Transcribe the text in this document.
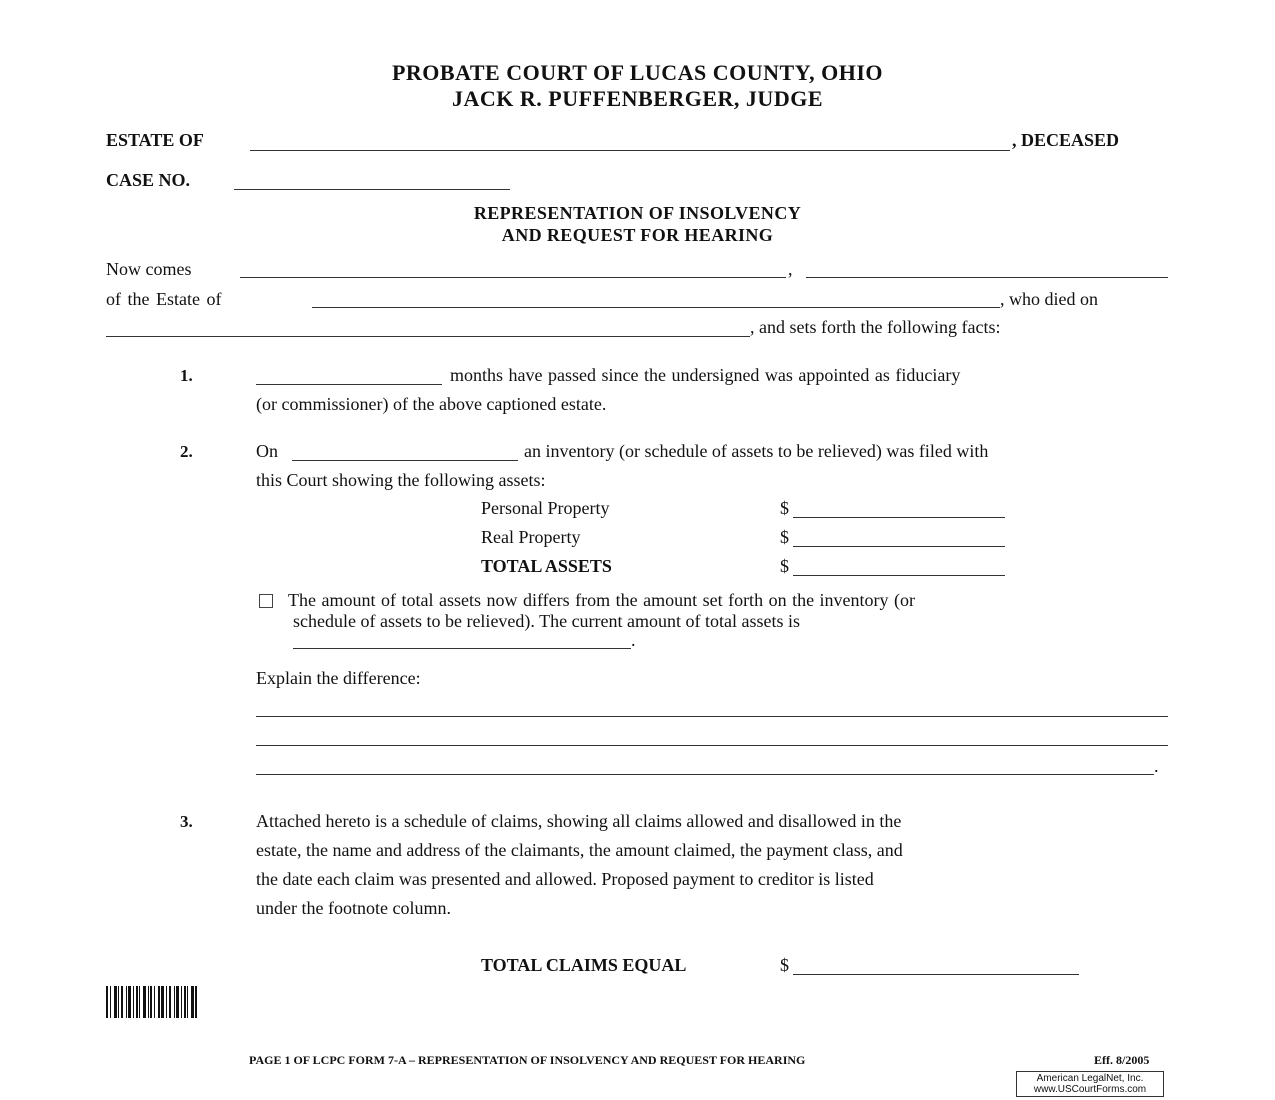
PROBATE COURT OF LUCAS COUNTY, OHIO
JACK R. PUFFENBERGER, JUDGE
ESTATE OF	, DECEASED
CASE NO.
REPRESENTATION OF INSOLVENCY
AND REQUEST FOR HEARING
Now comes	,
of the Estate of	, who died on
, and sets forth the following facts:
1.	months have passed since the undersigned was appointed as fiduciary
(or commissioner) of the above captioned estate.
2.	On	an inventory (or schedule of assets to be relieved) was filed with
this Court showing the following assets:
Personal Property	$
Real Property	$
TOTAL ASSETS	$
The amount of total assets now differs from the amount set forth on the inventory (or
schedule of assets to be relieved). The current amount of total assets is
.
Explain the difference:
.
3.	Attached hereto is a schedule of claims, showing all claims allowed and disallowed in the
estate, the name and address of the claimants, the amount claimed, the payment class, and
the date each claim was presented and allowed. Proposed payment to creditor is listed
under the footnote column.
TOTAL CLAIMS EQUAL	$
PAGE 1 OF LCPC FORM 7-A – REPRESENTATION OF INSOLVENCY AND REQUEST FOR HEARING	Eff. 8/2005
American LegalNet, Inc.
www.USCourtForms.com
